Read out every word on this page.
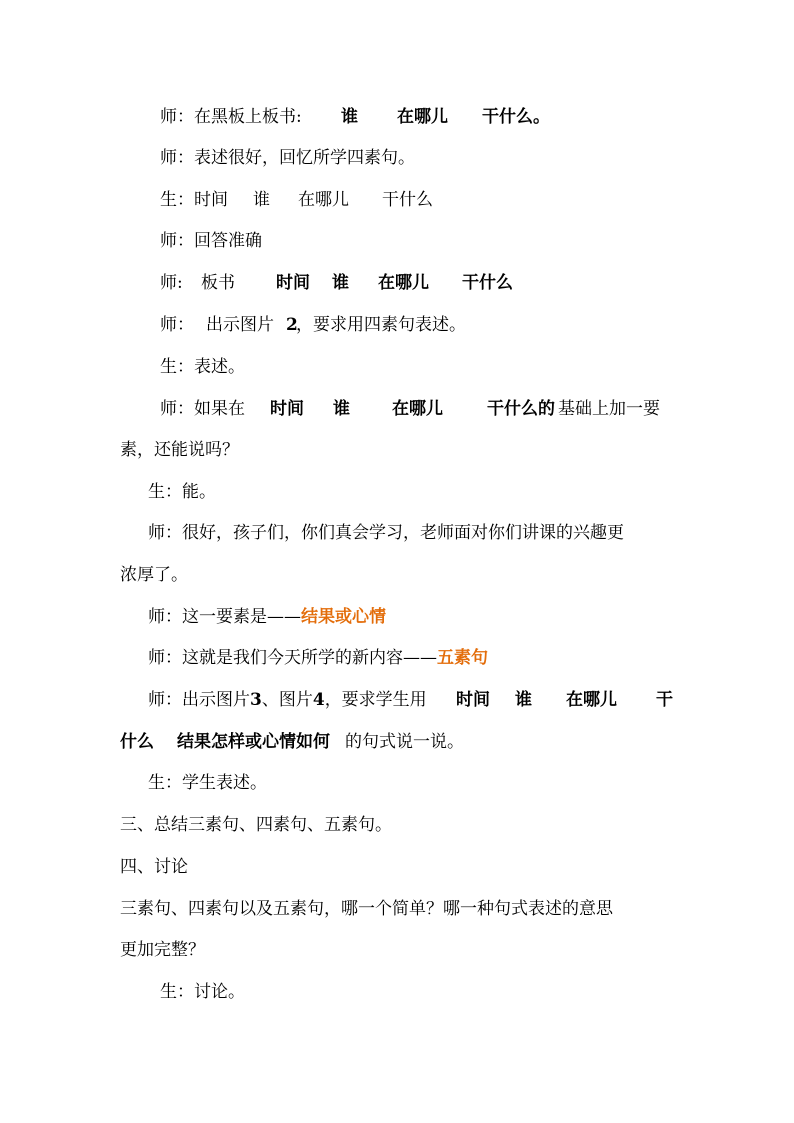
师：在黑板上板书: 谁 在哪儿 干什么。
师：表述很好，回忆所学四素句。
生：时间 谁 在哪儿 干什么
师：回答准确
师: 板书 时间 谁 在哪儿 干什么
师： 出示图片 2
，要求用四素句表述。
生：表述。
师：如果在 时间 谁 在哪儿	干什么的 基础上加一要
素，还能说吗？
生：能。
师：很好，孩子们，你们真会学习，老师面对你们讲课的兴趣更
浓厚了。
师：这一要素是——结果或心情
师：这就是我们今天所学的新内容——五素句
师：出示图片3、图片4，要求学生用 时间 谁 在哪儿 干
什么 结果怎样或心情如何 的句式说一说。
生：学生表述。
三、总结三素句、四素句、五素句。
四、讨论
三素句、四素句以及五素句，哪一个简单？哪一种句式表述的意思
更加完整？
生：讨论。
